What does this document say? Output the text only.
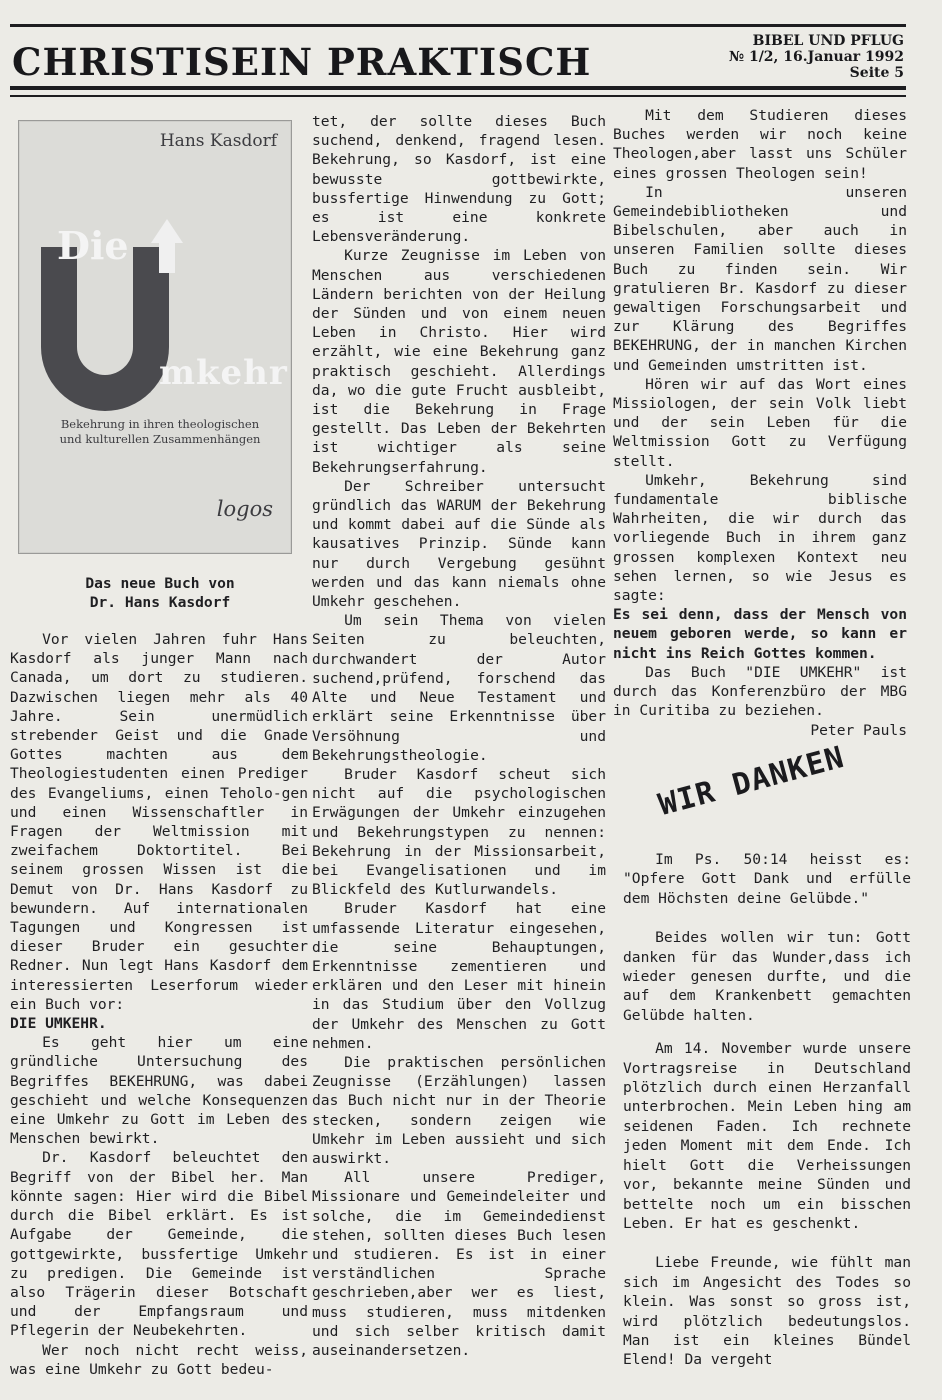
CHRISTISEIN PRAKTISCH	BIBEL UND PFLUG
№ 1/2, 16.Januar 1992
Seite 5
Hans Kasdorf
Die
mkehr
Bekehrung in ihren theologischen
und kulturellen Zusammenhängen
logos
Das neue Buch von
Dr. Hans Kasdorf

Vor vielen Jahren fuhr Hans Kasdorf als junger Mann nach Canada, um dort zu studieren. Dazwischen liegen mehr als 40 Jahre. Sein unermüdlich strebender Geist und die Gnade Gottes machten aus dem Theologiestudenten einen Prediger des Evangeliums, einen Teholo-gen und einen Wissenschaftler in Fragen der Weltmission mit zweifachem Doktortitel. Bei seinem grossen Wissen ist die Demut von Dr. Hans Kasdorf zu bewundern. Auf internationalen Tagungen und Kongressen ist dieser Bruder ein gesuchter Redner. Nun legt Hans Kasdorf dem interessierten Leserforum wieder ein Buch vor:

DIE UMKEHR.

Es geht hier um eine gründliche Untersuchung des Begriffes BEKEHRUNG, was dabei geschieht und welche Konsequenzen eine Umkehr zu Gott im Leben des Menschen bewirkt.

Dr. Kasdorf beleuchtet den Begriff von der Bibel her. Man könnte sagen: Hier wird die Bibel durch die Bibel erklärt. Es ist Aufgabe der Gemeinde, die gottgewirkte, bussfertige Umkehr zu predigen. Die Gemeinde ist also Trägerin dieser Botschaft und der Empfangsraum und Pflegerin der Neubekehrten.

Wer noch nicht recht weiss, was eine Umkehr zu Gott bedeu-

tet, der sollte dieses Buch suchend, denkend, fragend lesen. Bekehrung, so Kasdorf, ist eine bewusste gottbewirkte, bussfertige Hinwendung zu Gott; es ist eine konkrete Lebensveränderung.

Kurze Zeugnisse im Leben von Menschen aus verschiedenen Ländern berichten von der Heilung der Sünden und von einem neuen Leben in Christo. Hier wird erzählt, wie eine Bekehrung ganz praktisch geschieht. Allerdings da, wo die gute Frucht ausbleibt, ist die Bekehrung in Frage gestellt. Das Leben der Bekehrten ist wichtiger als seine Bekehrungserfahrung.

Der Schreiber untersucht gründlich das WARUM der Bekehrung und kommt dabei auf die Sünde als kausatives Prinzip. Sünde kann nur durch Vergebung gesühnt werden und das kann niemals ohne Umkehr geschehen.

Um sein Thema von vielen Seiten zu beleuchten, durchwandert der Autor suchend,prüfend, forschend das Alte und Neue Testament und erklärt seine Erkenntnisse über Versöhnung und Bekehrungstheologie.

Bruder Kasdorf scheut sich nicht auf die psychologischen Erwägungen der Umkehr einzugehen und Bekehrungstypen zu nennen: Bekehrung in der Missionsarbeit, bei Evangelisationen und im Blickfeld des Kutlurwandels.

Bruder Kasdorf hat eine umfassende Literatur eingesehen, die seine Behauptungen, Erkenntnisse zementieren und erklären und den Leser mit hinein in das Studium über den Vollzug der Umkehr des Menschen zu Gott nehmen.

Die praktischen persönlichen Zeugnisse (Erzählungen) lassen das Buch nicht nur in der Theorie stecken, sondern zeigen wie Umkehr im Leben aussieht und sich auswirkt.

All unsere Prediger, Missionare und Gemeindeleiter und solche, die im Gemeindedienst stehen, sollten dieses Buch lesen und studieren. Es ist in einer verständlichen Sprache geschrieben,aber wer es liest, muss studieren, muss mitdenken und sich selber kritisch damit auseinandersetzen.

Mit dem Studieren dieses Buches werden wir noch keine Theologen,aber lasst uns Schüler eines grossen Theologen sein!

In unseren Gemeindebibliotheken und Bibelschulen, aber auch in unseren Familien sollte dieses Buch zu finden sein. Wir gratulieren Br. Kasdorf zu dieser gewaltigen Forschungsarbeit und zur Klärung des Begriffes BEKEHRUNG, der in manchen Kirchen und Gemeinden umstritten ist.

Hören wir auf das Wort eines Missiologen, der sein Volk liebt und der sein Leben für die Weltmission Gott zu Verfügung stellt.

Umkehr, Bekehrung sind fundamentale biblische Wahrheiten, die wir durch das vorliegende Buch in ihrem ganz grossen komplexen Kontext neu sehen lernen, so wie Jesus es sagte:

Es sei denn, dass der Mensch von neuem geboren werde, so kann er nicht ins Reich Gottes kommen.

Das Buch "DIE UMKEHR" ist durch das Konferenzbüro der MBG in Curitiba zu beziehen.

Peter Pauls

WIR DANKEN

Im Ps. 50:14 heisst es: "Opfere Gott Dank und erfülle dem Höchsten deine Gelübde."

Beides wollen wir tun: Gott danken für das Wunder,dass ich wieder genesen durfte, und die auf dem Krankenbett gemachten Gelübde halten.

Am 14. November wurde unsere Vortragsreise in Deutschland plötzlich durch einen Herzanfall unterbrochen. Mein Leben hing am seidenen Faden. Ich rechnete jeden Moment mit dem Ende. Ich hielt Gott die Verheissungen vor, bekannte meine Sünden und bettelte noch um ein bisschen Leben. Er hat es geschenkt.

Liebe Freunde, wie fühlt man sich im Angesicht des Todes so klein. Was sonst so gross ist, wird plötzlich bedeutungslos. Man ist ein kleines Bündel Elend! Da vergeht
